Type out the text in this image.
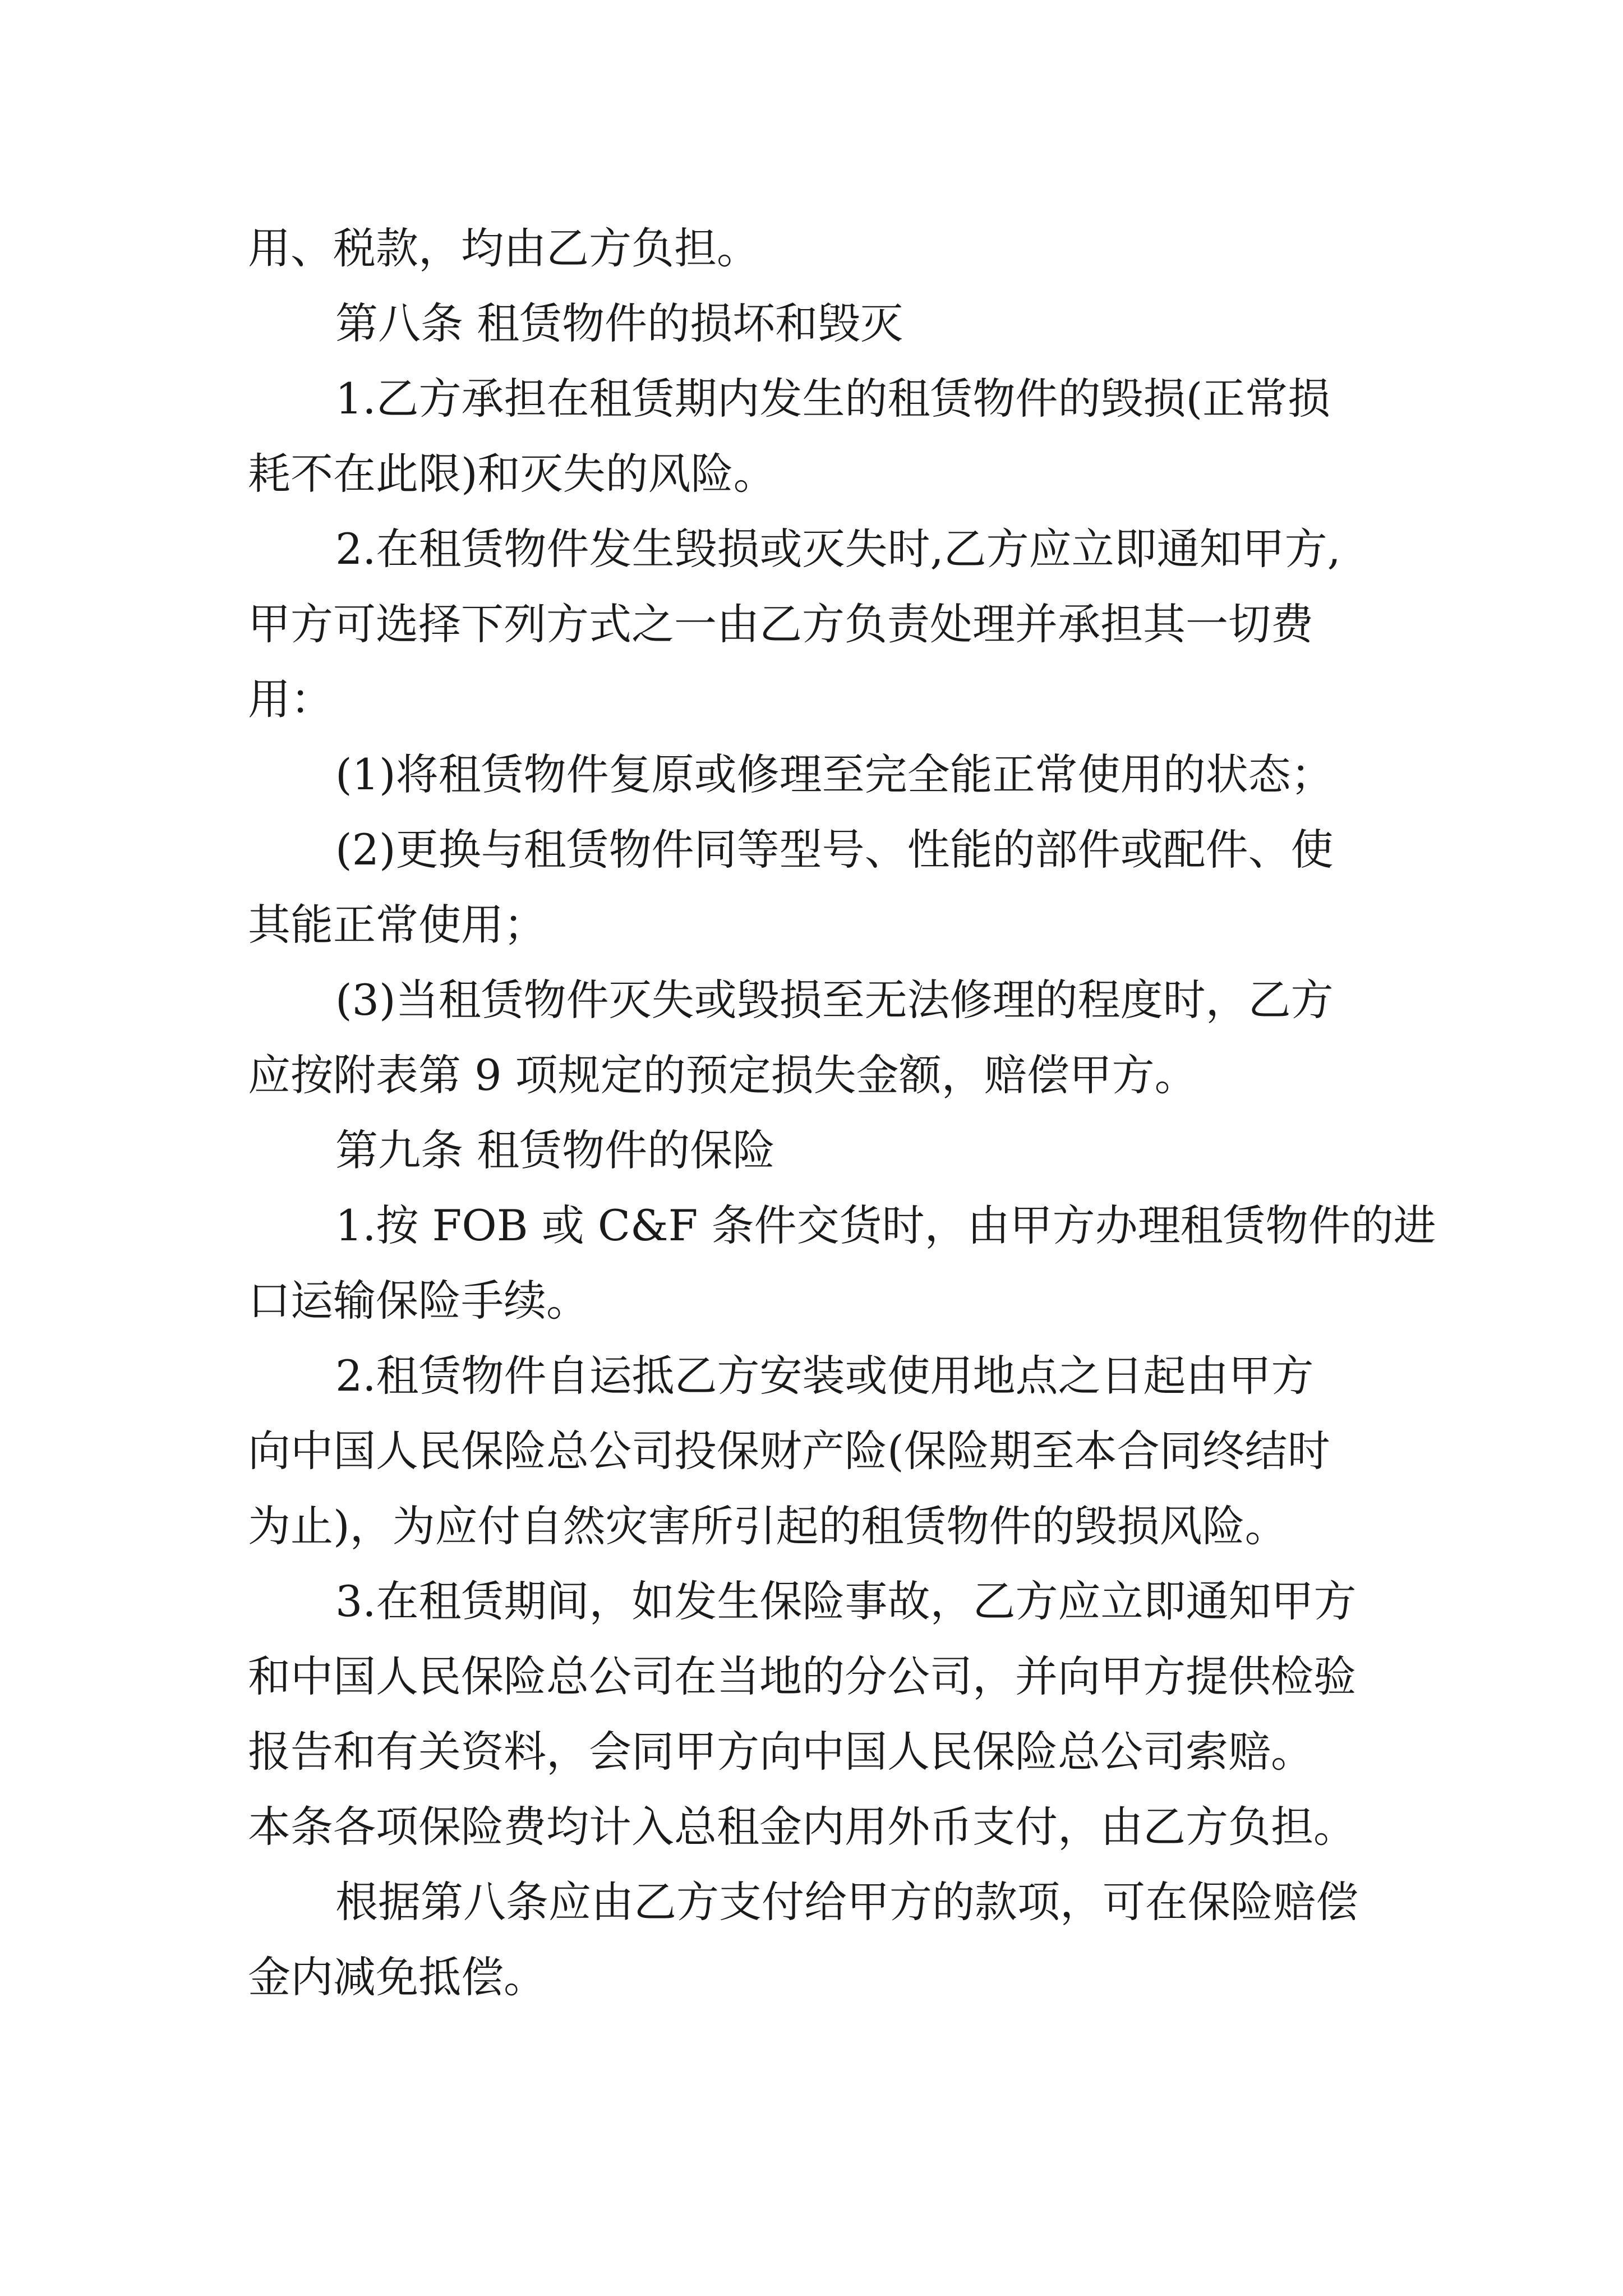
用、税款，均由乙方负担。
第八条 租赁物件的损坏和毁灭
1.乙方承担在租赁期内发生的租赁物件的毁损(正常损
耗不在此限)和灭失的风险。
2.在租赁物件发生毁损或灭失时,乙方应立即通知甲方,
甲方可选择下列方式之一由乙方负责处理并承担其一切费
用：
(1)将租赁物件复原或修理至完全能正常使用的状态；
(2)更换与租赁物件同等型号、性能的部件或配件、使
其能正常使用；
(3)当租赁物件灭失或毁损至无法修理的程度时，乙方
应按附表第 9 项规定的预定损失金额，赔偿甲方。
第九条 租赁物件的保险
1.按 FOB 或 C&F 条件交货时，由甲方办理租赁物件的进
口运输保险手续。
2.租赁物件自运抵乙方安装或使用地点之日起由甲方
向中国人民保险总公司投保财产险(保险期至本合同终结时
为止)，为应付自然灾害所引起的租赁物件的毁损风险。
3.在租赁期间，如发生保险事故，乙方应立即通知甲方
和中国人民保险总公司在当地的分公司，并向甲方提供检验
报告和有关资料，会同甲方向中国人民保险总公司索赔。
本条各项保险费均计入总租金内用外币支付，由乙方负担。
根据第八条应由乙方支付给甲方的款项，可在保险赔偿
金内减免抵偿。
